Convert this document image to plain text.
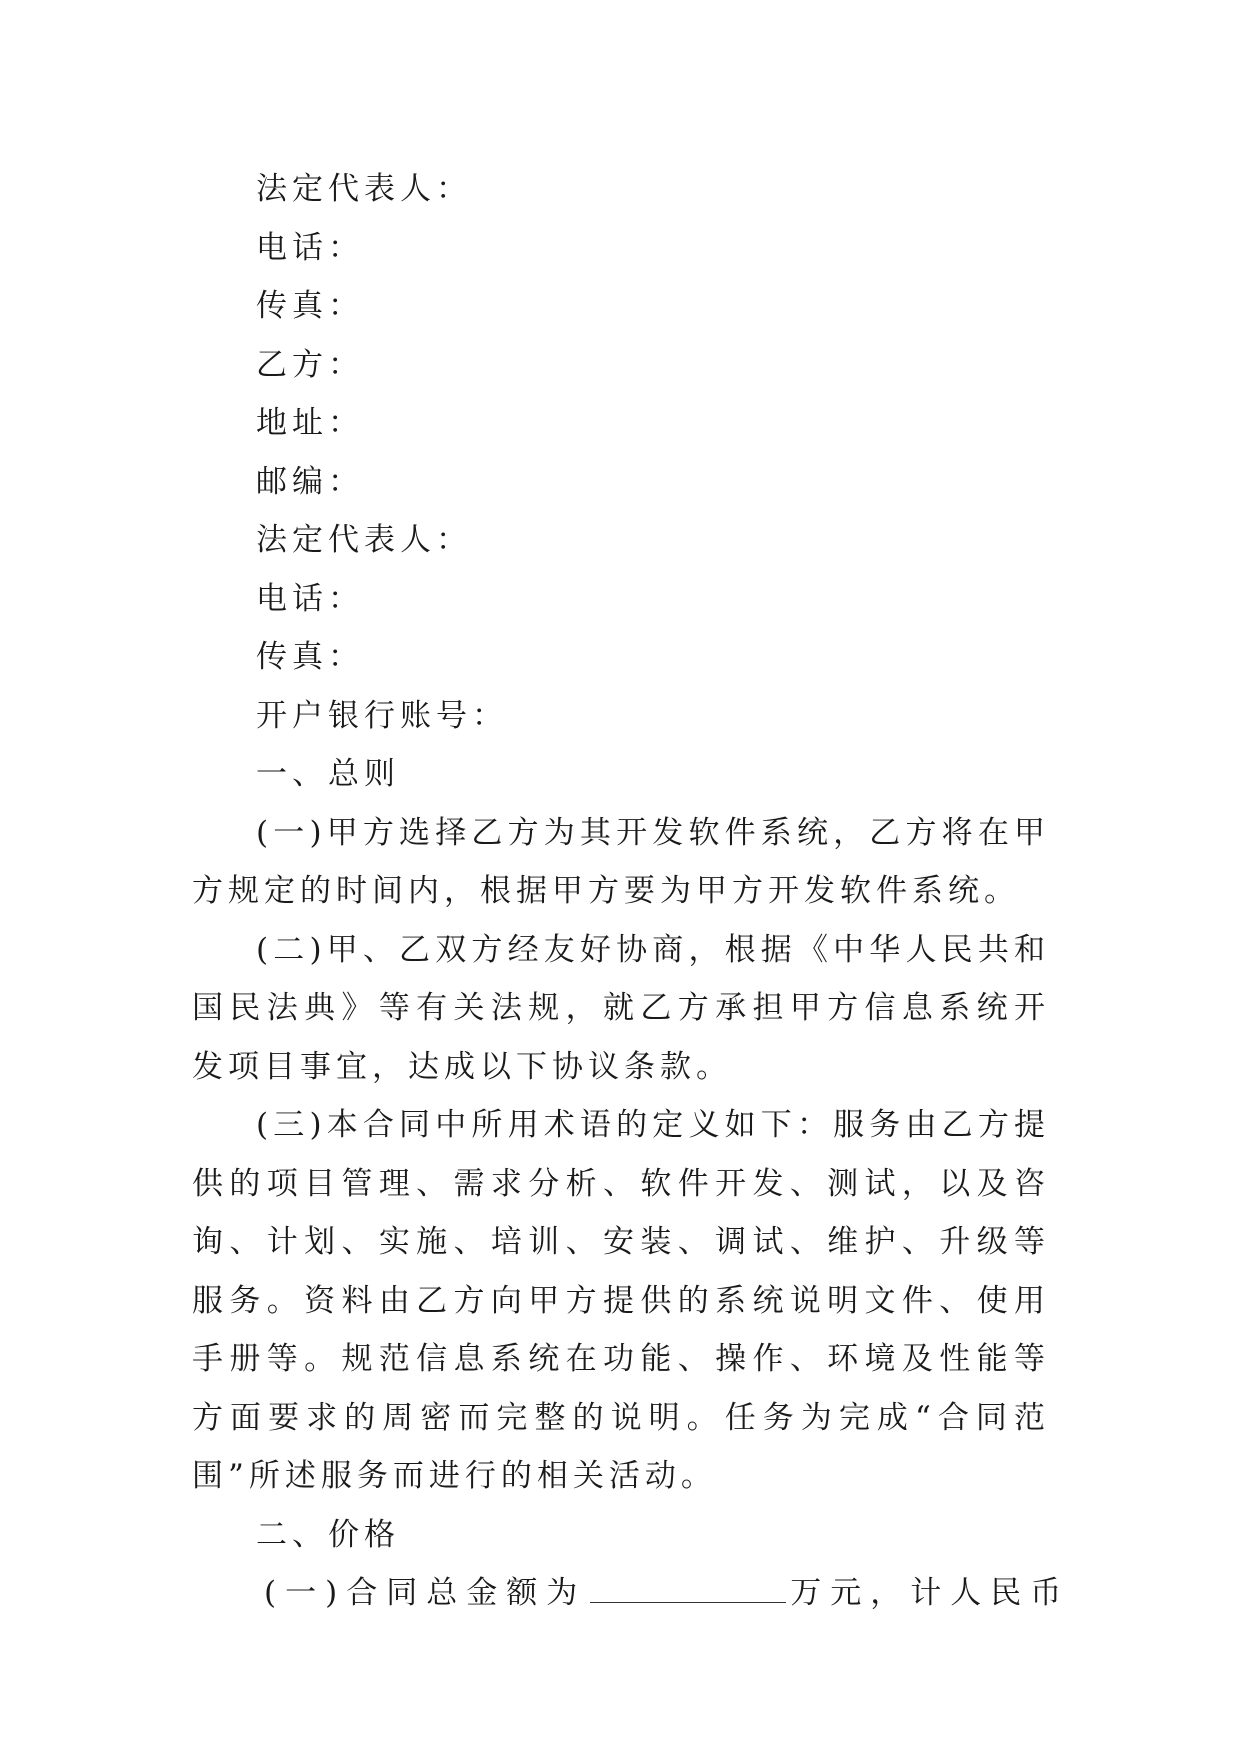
法定代表人：
电话：
传真：
乙方：
地址：
邮编：
法定代表人：
电话：
传真：
开户银行账号：
一、总则
(一)甲方选择乙方为其开发软件系统，乙方将在甲方规定的时间内，根据甲方要为甲方开发软件系统。
(二)甲、乙双方经友好协商，根据《中华人民共和国民法典》等有关法规，就乙方承担甲方信息系统开发项目事宜，达成以下协议条款。
(三)本合同中所用术语的定义如下：服务由乙方提供的项目管理、需求分析、软件开发、测试，以及咨询、计划、实施、培训、安装、调试、维护、升级等服务。资料由乙方向甲方提供的系统说明文件、使用手册等。规范信息系统在功能、操作、环境及性能等方面要求的周密而完整的说明。任务为完成“合同范围”所述服务而进行的相关活动。
二、价格
(一)合同总金额为	万元，计人民币
